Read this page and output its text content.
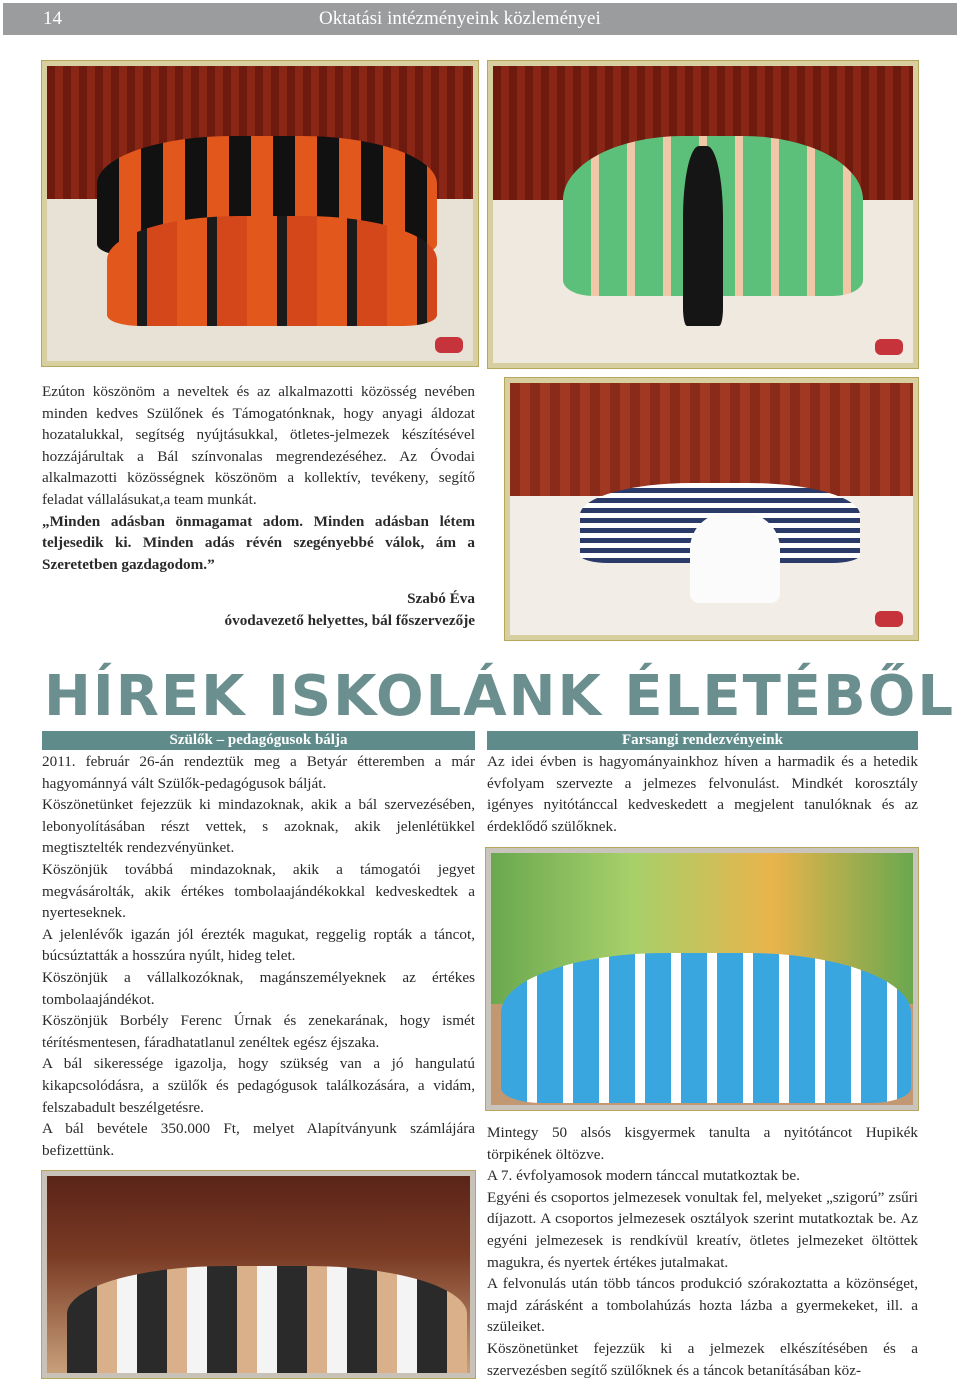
14	Oktatási intézményeink közleményei

Ezúton köszönöm a neveltek és az alkalmazotti közösség nevében minden kedves Szülőnek és Támogatónknak, hogy anyagi áldozat hozatalukkal, segítség nyújtásukkal, ötletes-jelmezek készítésével hozzájárultak a Bál színvonalas megrendezéséhez. Az Óvodai alkalmazotti közösségnek köszönöm a kollektív, tevékeny, segítő feladat vállalásukat,a team munkát.

„Minden adásban önmagamat adom. Minden adásban létem teljesedik ki. Minden adás révén szegényebbé válok, ám a Szeretetben gazdagodom.”

Szabó Éva
óvodavezető helyettes, bál főszervezője
HÍREK ISKOLÁNK ÉLETÉBŐL
Szülők – pedagógusok bálja

2011. február 26-án rendeztük meg a Betyár étteremben a már hagyománnyá vált Szülők-pedagógusok bálját.

Köszönetünket fejezzük ki mindazoknak, akik a bál szervezésében, lebonyolításában részt vettek, s azoknak, akik jelenlétükkel megtisztelték rendezvényünket.

Köszönjük továbbá mindazoknak, akik a támogatói jegyet megvásárolták, akik értékes tombolaajándékokkal kedveskedtek a nyerteseknek.

A jelenlévők igazán jól érezték magukat, reggelig ropták a táncot, búcsúztatták a hosszúra nyúlt, hideg telet.

Köszönjük a vállalkozóknak, magánszemélyeknek az értékes tombolaajándékot.

Köszönjük Borbély Ferenc Úrnak és zenekarának, hogy ismét térítésmentesen, fáradhatatlanul zenéltek egész éjszaka.

A bál sikeressége igazolja, hogy szükség van a jó hangulatú kikapcsolódásra, a szülők és pedagógusok találkozására, a vidám, felszabadult beszélgetésre.

A bál bevétele 350.000 Ft, melyet Alapítványunk számlájára befizettünk.

Farsangi rendezvényeink
Az idei évben is hagyományainkhoz híven a harmadik és a hetedik évfolyam szervezte a jelmezes felvonulást. Mindkét korosztály igényes nyitótánccal kedveskedett a megjelent tanulóknak és az érdeklődő szülőknek.

Mintegy 50 alsós kisgyermek tanulta a nyitótáncot Hupikék törpikének öltözve.

A 7. évfolyamosok modern tánccal mutatkoztak be.

Egyéni és csoportos jelmezesek vonultak fel, melyeket „szigorú” zsűri díjazott. A csoportos jelmezesek osztályok szerint mutatkoztak be. Az egyéni jelmezesek is rendkívül kreatív, ötletes jelmezeket öltöttek magukra, és nyertek értékes jutalmakat.

A felvonulás után több táncos produkció szórakoztatta a közönséget, majd zárásként a tombolahúzás hozta lázba a gyermekeket, ill. a szüleiket.

Köszönetünket fejezzük ki a jelmezek elkészítésében és a szervezésben segítő szülőknek és a táncok betanításában köz-
